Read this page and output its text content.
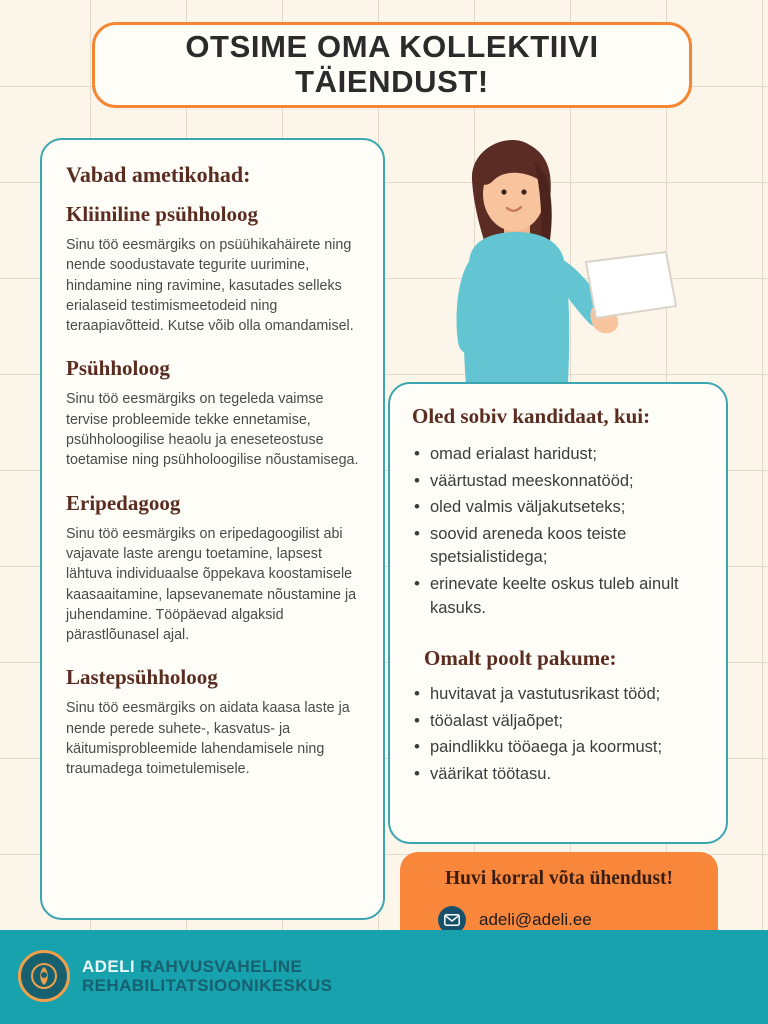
OTSIME OMA KOLLEKTIIVI TÄIENDUST!
Vabad ametikohad:
Kliiniline psühholoog
Sinu töö eesmärgiks on psüühikahäirete ning nende soodustavate tegurite uurimine, hindamine ning ravimine, kasutades selleks erialaseid testimismeetodeid ning teraapiavõtteid. Kutse võib olla omandamisel.
Psühholoog
Sinu töö eesmärgiks on tegeleda vaimse tervise probleemide tekke ennetamise, psühholoogilise heaolu ja eneseteostuse toetamise ning psühholoogilise nõustamisega.
Eripedagoog
Sinu töö eesmärgiks on eripedagoogilist abi vajavate laste arengu toetamine, lapsest lähtuva individuaalse õppekava koostamisele kaasaaitamine, lapsevanemate nõustamine ja juhendamine. Tööpäevad algaksid pärastlõunasel ajal.
Lastepsühholoog
Sinu töö eesmärgiks on aidata kaasa laste ja nende perede suhete-, kasvatus- ja käitumisprobleemide lahendamisele ning traumadega toimetulemisele.
Oled sobiv kandidaat, kui:
• omad erialast haridust;
• väärtustad meeskonnatööd;
• oled valmis väljakutseteks;
• soovid areneda koos teiste spetsialistidega;
• erinevate keelte oskus tuleb ainult kasuks.
Omalt poolt pakume:
• huvitavat ja vastutusrikast tööd;
• tööalast väljaõpet;
• paindlikku tööaega ja koormust;
• väärikat töötasu.
Huvi korral võta ühendust!
adeli@adeli.ee
ADELI RAHVUSVAHELINE
REHABILITATSIOONIKESKUS
